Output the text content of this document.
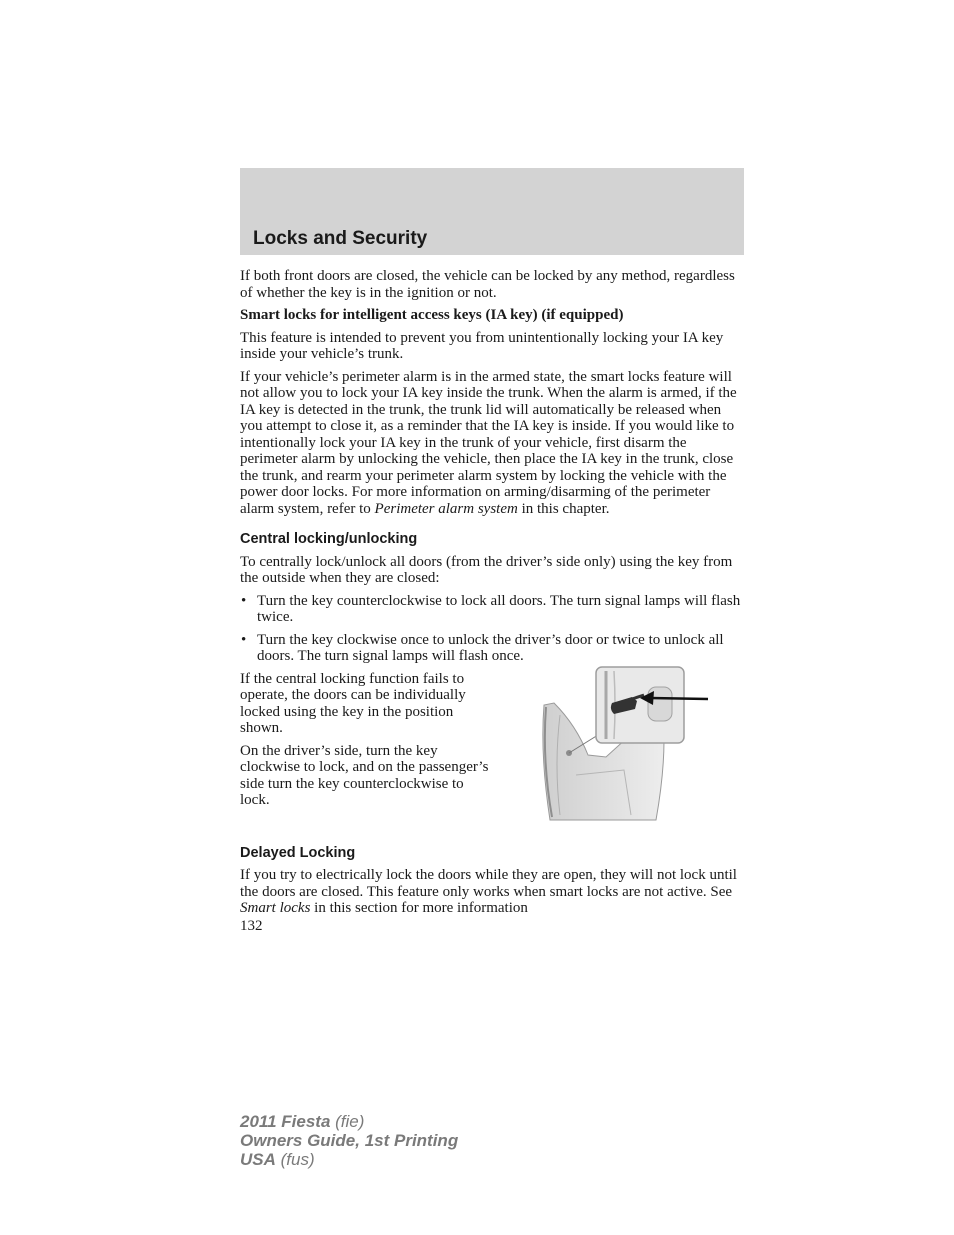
Locks and Security

If both front doors are closed, the vehicle can be locked by any method, regardless of whether the key is in the ignition or not.

Smart locks for intelligent access keys (IA key) (if equipped)

This feature is intended to prevent you from unintentionally locking your IA key inside your vehicle’s trunk.

If your vehicle’s perimeter alarm is in the armed state, the smart locks feature will not allow you to lock your IA key inside the trunk. When the alarm is armed, if the IA key is detected in the trunk, the trunk lid will automatically be released when you attempt to close it, as a reminder that the IA key is inside. If you would like to intentionally lock your IA key in the trunk of your vehicle, first disarm the perimeter alarm by unlocking the vehicle, then place the IA key in the trunk, close the trunk, and rearm your perimeter alarm system by locking the vehicle with the power door locks. For more information on arming/disarming of the perimeter alarm system, refer to Perimeter alarm system in this chapter.

Central locking/unlocking

To centrally lock/unlock all doors (from the driver’s side only) using the key from the outside when they are closed:

• Turn the key counterclockwise to lock all doors. The turn signal lamps will flash twice.
• Turn the key clockwise once to unlock the driver’s door or twice to unlock all doors. The turn signal lamps will flash once.

If the central locking function fails to operate, the doors can be individually locked using the key in the position shown.

On the driver’s side, turn the key clockwise to lock, and on the passenger’s side turn the key counterclockwise to lock.

Delayed Locking

If you try to electrically lock the doors while they are open, they will not lock until the doors are closed. This feature only works when smart locks are not active. See Smart locks in this section for more information

132
2011 Fiesta (fie)
Owners Guide, 1st Printing
USA (fus)
